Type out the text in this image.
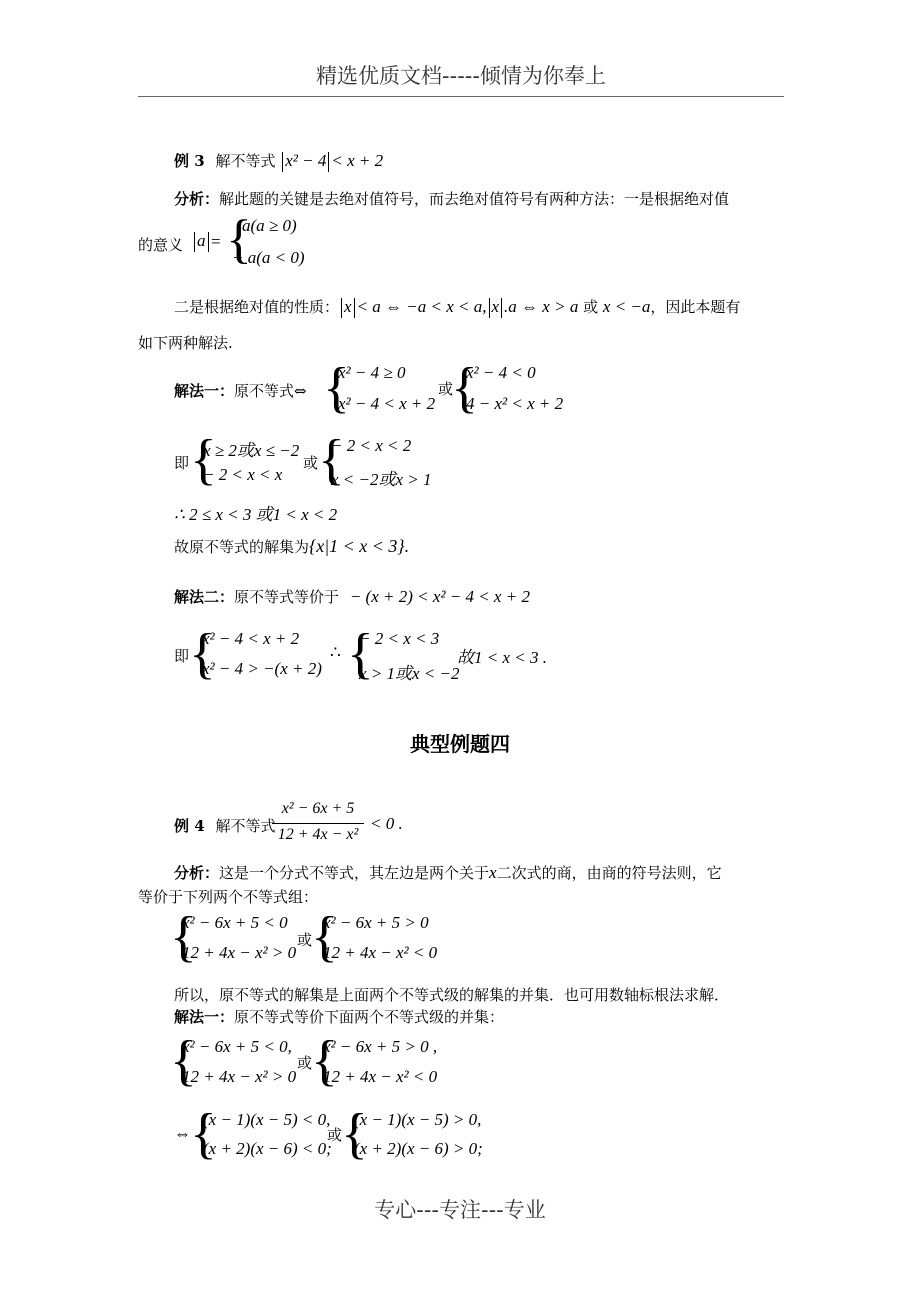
精选优质文档-----倾情为你奉上
例 3 解不等式 x² − 4 < x + 2
分析：解此题的关键是去绝对值符号，而去绝对值符号有两种方法：一是根据绝对值
的意义 a = {
a(a ≥ 0)
− a(a < 0)
二是根据绝对值的性质： x < a ⇔ −a < x < a, x .a ⇔ x > a 或 x < −a，因此本题有
如下两种解法.
解法一：原不等式⇔ {
x² − 4 ≥ 0
x² − 4 < x + 2
或
{
x² − 4 < 0
4 − x² < x + 2
即 {
x ≥ 2或x ≤ −2
− 2 < x < x
或 {
− 2 < x < 2
x < −2或x > 1
∴ 2 ≤ x < 3 或1 < x < 2
故原不等式的解集为{x|1 < x < 3}.
解法二：原不等式等价于 − (x + 2) < x² − 4 < x + 2
即 {
x² − 4 < x + 2
x² − 4 > −(x + 2)
∴ {
− 2 < x < 3
x > 1或x < −2
故1 < x < 3 .
典型例题四
例 4 解不等式
x² − 6x + 5
12 + 4x − x²
< 0 .
分析：这是一个分式不等式，其左边是两个关于x二次式的商，由商的符号法则，它
等价于下列两个不等式组：
{
x² − 6x + 5 < 0
12 + 4x − x² > 0
或
{
x² − 6x + 5 > 0
12 + 4x − x² < 0
所以，原不等式的解集是上面两个不等式级的解集的并集．也可用数轴标根法求解．
解法一：原不等式等价下面两个不等式级的并集：
{
x² − 6x + 5 < 0,
12 + 4x − x² > 0
或
{
x² − 6x + 5 > 0 ,
12 + 4x − x² < 0
⇔ {
(x − 1)(x − 5) < 0,
(x + 2)(x − 6) < 0;
或
{
(x − 1)(x − 5) > 0,
(x + 2)(x − 6) > 0;
专心---专注---专业
